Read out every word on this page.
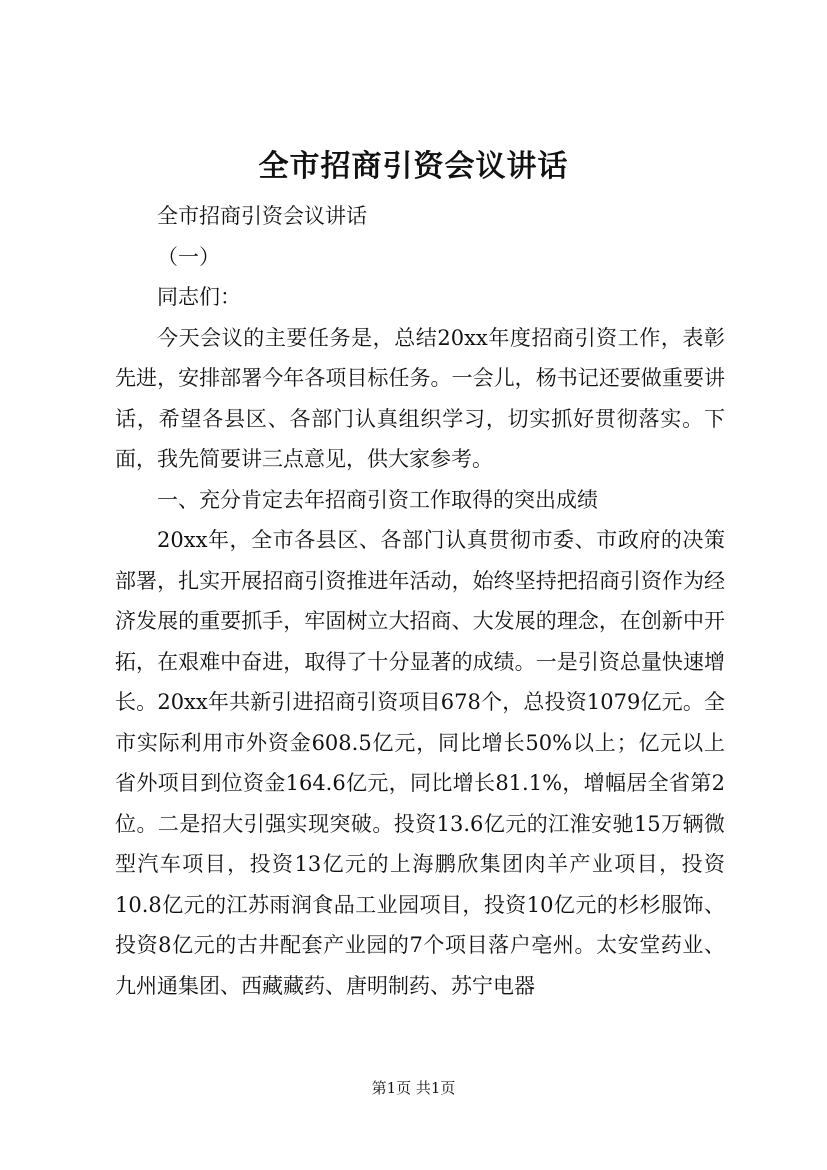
全市招商引资会议讲话

全市招商引资会议讲话

（一）

同志们：

今天会议的主要任务是，总结20xx年度招商引资工作，表彰先进，安排部署今年各项目标任务。一会儿，杨书记还要做重要讲话，希望各县区、各部门认真组织学习，切实抓好贯彻落实。下面，我先简要讲三点意见，供大家参考。

一、充分肯定去年招商引资工作取得的突出成绩

20xx年，全市各县区、各部门认真贯彻市委、市政府的决策部署，扎实开展招商引资推进年活动，始终坚持把招商引资作为经济发展的重要抓手，牢固树立大招商、大发展的理念，在创新中开拓，在艰难中奋进，取得了十分显著的成绩。一是引资总量快速增长。20xx年共新引进招商引资项目678个，总投资1079亿元。全市实际利用市外资金608.5亿元，同比增长50%以上；亿元以上省外项目到位资金164.6亿元，同比增长81.1%，增幅居全省第2位。二是招大引强实现突破。投资13.6亿元的江淮安驰15万辆微型汽车项目，投资13亿元的上海鹏欣集团肉羊产业项目，投资10.8亿元的江苏雨润食品工业园项目，投资10亿元的杉杉服饰、投资8亿元的古井配套产业园的7个项目落户亳州。太安堂药业、九州通集团、西藏藏药、唐明制药、苏宁电器

第1页 共1页
